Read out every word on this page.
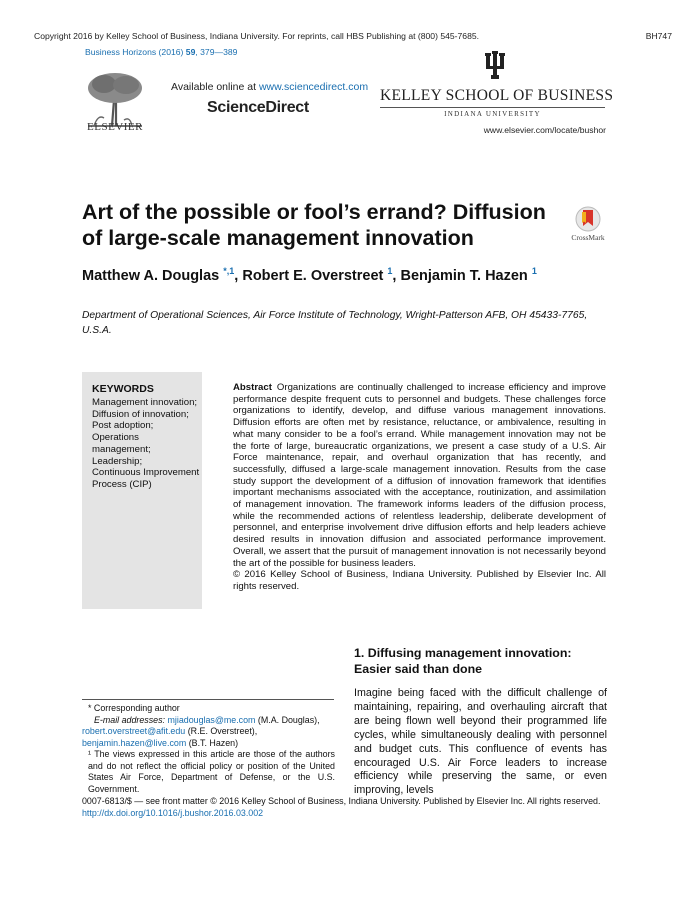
Copyright 2016 by Kelley School of Business, Indiana University. For reprints, call HBS Publishing at (800) 545-7685.	BH747
Business Horizons (2016) 59, 379—389
ELSEVIER
Available online at www.sciencedirect.com
ScienceDirect
KELLEY SCHOOL OF BUSINESS
INDIANA UNIVERSITY
www.elsevier.com/locate/bushor
Art of the possible or fool’s errand? Diffusion of large-scale management innovation	CrossMark
Matthew A. Douglas $^{*,1}$, Robert E. Overstreet $^1$, Benjamin T. Hazen $^1$
Department of Operational Sciences, Air Force Institute of Technology, Wright-Patterson AFB, OH 45433-7765, U.S.A.
KEYWORDS
Management innovation;
Diffusion of innovation;
Post adoption;
Operations management;
Leadership;
Continuous Improvement Process (CIP)
Abstract Organizations are continually challenged to increase efficiency and improve performance despite frequent cuts to personnel and budgets. These challenges force organizations to identify, develop, and diffuse various management innovations. Diffusion efforts are often met by resistance, reluctance, or ambivalence, resulting in what many consider to be a fool’s errand. While management innovation may not be the forte of large, bureaucratic organizations, we present a case study of a U.S. Air Force maintenance, repair, and overhaul organization that has recently, and successfully, diffused a large-scale management innovation. Results from the case study support the development of a diffusion of innovation framework that identifies important mechanisms associated with the acceptance, routinization, and assimilation of management innovation. The framework informs leaders of the diffusion process, while the recommended actions of relentless leadership, deliberate development of personnel, and enterprise involvement drive diffusion efforts and help leaders achieve desired results in innovation diffusion and associated performance improvement. Overall, we assert that the pursuit of management innovation is not necessarily beyond the art of the possible for business leaders.
© 2016 Kelley School of Business, Indiana University. Published by Elsevier Inc. All rights reserved.
1. Diffusing management innovation:
Easier said than done
Imagine being faced with the difficult challenge of maintaining, repairing, and overhauling aircraft that are being flown well beyond their programmed life cycles, while simultaneously dealing with personnel and budget cuts. This confluence of events has encouraged U.S. Air Force leaders to increase efficiency while preserving the same, or even improving, levels
* Corresponding author
E-mail addresses: mjiadouglas@me.com (M.A. Douglas),
robert.overstreet@afit.edu (R.E. Overstreet),
benjamin.hazen@live.com (B.T. Hazen)
¹ The views expressed in this article are those of the authors and do not reflect the official policy or position of the United States Air Force, Department of Defense, or the U.S. Government.
0007-6813/$ — see front matter © 2016 Kelley School of Business, Indiana University. Published by Elsevier Inc. All rights reserved.
http://dx.doi.org/10.1016/j.bushor.2016.03.002
